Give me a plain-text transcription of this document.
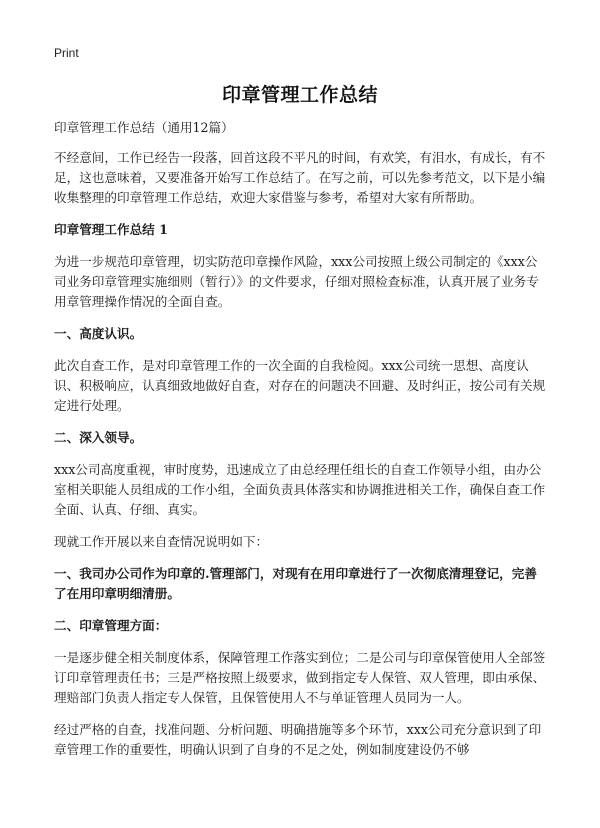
Print
印章管理工作总结

印章管理工作总结（通用12篇）

不经意间，工作已经告一段落，回首这段不平凡的时间，有欢笑，有泪水，有成长，有不足，这也意味着，又要准备开始写工作总结了。在写之前，可以先参考范文，以下是小编收集整理的印章管理工作总结，欢迎大家借鉴与参考，希望对大家有所帮助。

印章管理工作总结 1

为进一步规范印章管理，切实防范印章操作风险，xxx公司按照上级公司制定的《xxx公司业务印章管理实施细则（暂行）》的文件要求，仔细对照检查标准，认真开展了业务专用章管理操作情况的全面自查。

一、高度认识。

此次自查工作，是对印章管理工作的一次全面的自我检阅。xxx公司统一思想、高度认识、积极响应，认真细致地做好自查，对存在的问题决不回避、及时纠正，按公司有关规定进行处理。

二、深入领导。

xxx公司高度重视，审时度势，迅速成立了由总经理任组长的自查工作领导小组，由办公室相关职能人员组成的工作小组，全面负责具体落实和协调推进相关工作，确保自查工作全面、认真、仔细、真实。

现就工作开展以来自查情况说明如下：

一、我司办公司作为印章的.管理部门，对现有在用印章进行了一次彻底清理登记，完善了在用印章明细清册。

二、印章管理方面：

一是逐步健全相关制度体系，保障管理工作落实到位；二是公司与印章保管使用人全部签订印章管理责任书；三是严格按照上级要求，做到指定专人保管、双人管理，即由承保、理赔部门负责人指定专人保管，且保管使用人不与单证管理人员同为一人。

经过严格的自查，找准问题、分析问题、明确措施等多个环节，xxx公司充分意识到了印章管理工作的重要性，明确认识到了自身的不足之处，例如制度建设仍不够
